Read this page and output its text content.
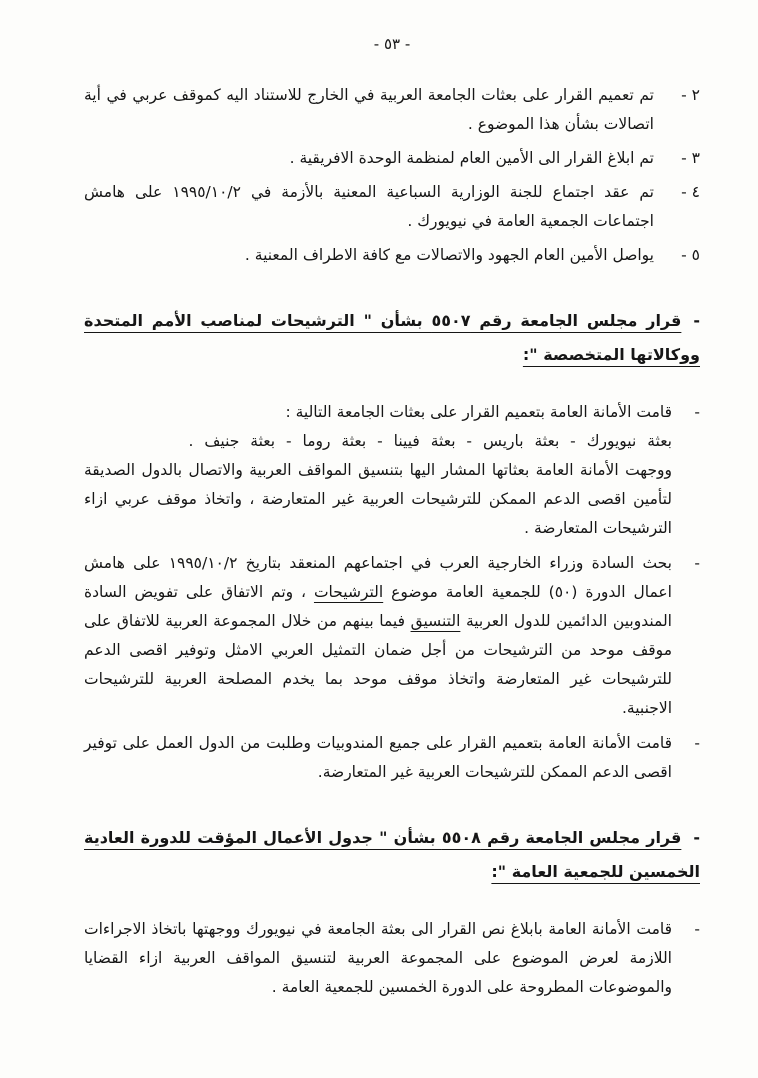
- ٥٣ -
٢ -
تم تعميم القرار على بعثات الجامعة العربية في الخارج للاستناد اليه كموقف عربي في أية اتصالات بشأن هذا الموضوع .
٣ -
تم ابلاغ القرار الى الأمين العام لمنظمة الوحدة الافريقية .
٤ -
تم عقد اجتماع للجنة الوزارية السباعية المعنية بالأزمة في ١٩٩٥/١٠/٢ على هامش اجتماعات الجمعية العامة في نيويورك .
٥ -
يواصل الأمين العام الجهود والاتصالات مع كافة الاطراف المعنية .
-قرار مجلس الجامعة رقم ٥٥٠٧ بشأن " الترشيحات لمناصب الأمم المتحدة ووكالاتها المتخصصة ":
-
قامت الأمانة العامة بتعميم القرار على بعثات الجامعة التالية :
بعثة نيويورك - بعثة باريس - بعثة فيينا - بعثة روما - بعثة جنيف .
ووجهت الأمانة العامة بعثاتها المشار اليها بتنسيق المواقف العربية والاتصال بالدول الصديقة لتأمين اقصى الدعم الممكن للترشيحات العربية غير المتعارضة ، واتخاذ موقف عربي ازاء الترشيحات المتعارضة .
-
بحث السادة وزراء الخارجية العرب في اجتماعهم المنعقد بتاريخ ١٩٩٥/١٠/٢ على هامش اعمال الدورة (٥٠) للجمعية العامة موضوع الترشيحات ، وتم الاتفاق على تفويض السادة المندوبين الدائمين للدول العربية التنسيق فيما بينهم من خلال المجموعة العربية للاتفاق على موقف موحد من الترشيحات من أجل ضمان التمثيل العربي الامثل وتوفير اقصى الدعم للترشيحات غير المتعارضة واتخاذ موقف موحد بما يخدم المصلحة العربية للترشيحات الاجنبية.
-
قامت الأمانة العامة بتعميم القرار على جميع المندوبيات وطلبت من الدول العمل على توفير اقصى الدعم الممكن للترشيحات العربية غير المتعارضة.
-قرار مجلس الجامعة رقم ٥٥٠٨ بشأن " جدول الأعمال المؤقت للدورة العادية الخمسين للجمعية العامة ":
-
قامت الأمانة العامة بابلاغ نص القرار الى بعثة الجامعة في نيويورك ووجهتها باتخاذ الاجراءات اللازمة لعرض الموضوع على المجموعة العربية لتنسيق المواقف العربية ازاء القضايا والموضوعات المطروحة على الدورة الخمسين للجمعية العامة .
